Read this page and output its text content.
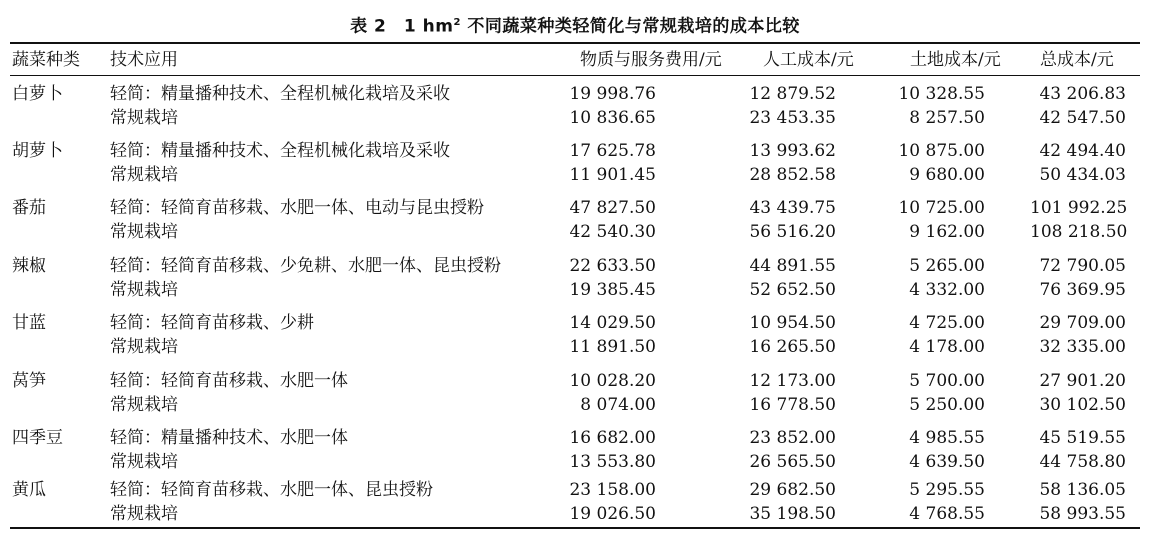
表 2　1 $hm^2$ 不同蔬菜种类轻简化与常规栽培的成本比较
蔬菜种类 技术应用	物质与服务费用/元 人工成本/元	土地成本/元 总成本/元
白萝卜	轻简：精量播种技术、全程机械化栽培及采收	19 998.76	12 879.52	10 328.55	43 206.83
常规栽培	10 836.65	23 453.35	8 257.50	42 547.50
胡萝卜	轻简：精量播种技术、全程机械化栽培及采收	17 625.78	13 993.62	10 875.00	42 494.40
常规栽培	11 901.45	28 852.58	9 680.00	50 434.03
番茄	轻简：轻简育苗移栽、水肥一体、电动与昆虫授粉	47 827.50	43 439.75	10 725.00	101 992.25
常规栽培	42 540.30	56 516.20	9 162.00	108 218.50
辣椒	轻简：轻简育苗移栽、少免耕、水肥一体、昆虫授粉	22 633.50	44 891.55	5 265.00	72 790.05
常规栽培	19 385.45	52 652.50	4 332.00	76 369.95
甘蓝	轻简：轻简育苗移栽、少耕	14 029.50	10 954.50	4 725.00	29 709.00
常规栽培	11 891.50	16 265.50	4 178.00	32 335.00
莴笋	轻简：轻简育苗移栽、水肥一体	10 028.20	12 173.00	5 700.00	27 901.20
常规栽培	8 074.00	16 778.50	5 250.00	30 102.50
四季豆	轻简：精量播种技术、水肥一体	16 682.00	23 852.00	4 985.55	45 519.55
常规栽培	13 553.80	26 565.50	4 639.50	44 758.80
黄瓜	轻简：轻简育苗移栽、水肥一体、昆虫授粉	23 158.00	29 682.50	5 295.55	58 136.05
常规栽培	19 026.50	35 198.50	4 768.55	58 993.55
